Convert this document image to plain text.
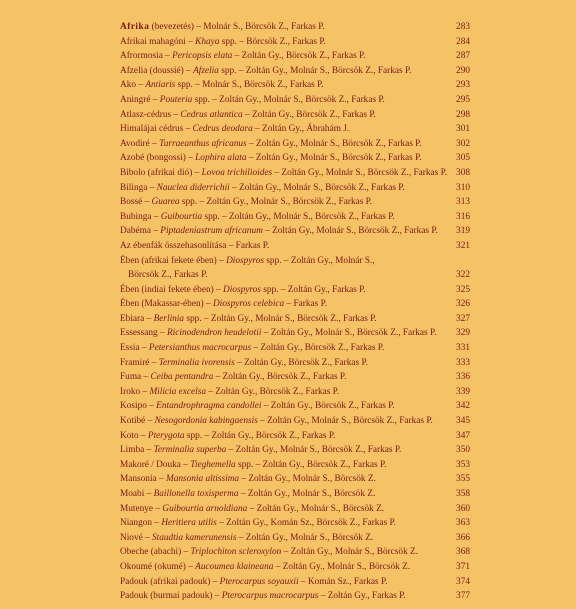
Afrika (bevezetés) – Molnár S., Börcsök Z., Farkas P.	283
Afrikai mahagóni – Khaya spp. – Börcsök Z., Farkas P.	284
Afrormosia – Pericopsis elata – Zoltán Gy., Börcsök Z., Farkas P.	287
Afzelia (doussié) – Afzelia spp. – Zoltán Gy., Molnár S., Börcsök Z., Farkas P.	290
Ako – Antiaris spp. – Molnár S., Börcsök Z., Farkas P.	293
Aningré – Pouteria spp. – Zoltán Gy., Molnár S., Börcsök Z., Farkas P.	295
Atlasz-cédrus – Cedrus atlantica – Zoltán Gy., Börcsök Z., Farkas P.	298
Himalájai cédrus – Cedrus deodara – Zoltán Gy., Ábrahám J.	301
Avodiré – Turraeanthus africanus – Zoltán Gy., Molnár S., Börcsök Z., Farkas P.	302
Azobé (bongossi) – Lophira alata – Zoltán Gy., Molnár S., Börcsök Z., Farkas P.	305
Bibolo (afrikai dió) – Lovoa trichilioides – Zoltán Gy., Molnár S., Börcsök Z., Farkas P. 308
Bilinga – Nauclea diderrichii – Zoltán Gy., Molnár S., Börcsök Z., Farkas P.	310
Bossé – Guarea spp. – Zoltán Gy., Molnár S., Börcsök Z., Farkas P.	313
Bubinga – Guibourtia spp. – Zoltán Gy., Molnár S., Börcsök Z., Farkas P.	316
Dabéma – Piptadeniastrum africanum – Zoltán Gy., Molnár S., Börcsök Z., Farkas P.	319
Az ébenfák összehasonlítása – Farkas P.	321
Ében (afrikai fekete ében) – Diospyros spp. – Zoltán Gy., Molnár S.,
Börcsök Z., Farkas P.	322
Ében (indiai fekete ében) – Diospyros spp. – Zoltán Gy., Farkas P.	325
Ében (Makassar-ében) – Diospyros celebica – Farkas P.	326
Ebiara – Berlinia spp. – Zoltán Gy., Molnár S., Börcsök Z., Farkas P.	327
Essessang – Ricinodendron heudelotii – Zoltán Gy., Molnár S., Börcsök Z., Farkas P.	329
Essia – Petersianthus macrocarpus – Zoltán Gy., Börcsök Z., Farkas P.	331
Framiré – Terminalia ivorensis – Zoltán Gy., Börcsök Z., Farkas P.	333
Fuma – Ceiba pentandra – Zoltán Gy., Börcsök Z., Farkas P.	336
Iroko – Milicia excelsa – Zoltán Gy., Börcsök Z., Farkas P.	339
Kosipo – Entandrophragma candollei – Zoltán Gy., Börcsök Z., Farkas P.	342
Kotibé – Nesogordonia kabingaensis – Zoltán Gy., Molnár S., Börcsök Z., Farkas P.	345
Koto – Pterygota spp. – Zoltán Gy., Börcsök Z., Farkas P.	347
Limba – Terminalia superba – Zoltán Gy., Molnár S., Börcsök Z., Farkas P.	350
Makoré / Douka – Tieghemella spp. – Zoltán Gy., Börcsök Z., Farkas P.	353
Mansonia – Mansonia altissima – Zoltán Gy., Molnár S., Börcsök Z.	355
Moabi – Baillonella toxisperma – Zoltán Gy., Molnár S., Börcsök Z.	358
Mutenye – Guibourtia arnoldiana – Zoltán Gy., Molnár S., Börcsök Z.	360
Niangon – Heritiera utilis – Zoltán Gy., Komán Sz., Börcsök Z., Farkas P.	363
Niové – Staudtia kamerunensis – Zoltán Gy., Molnár S., Börcsök Z.	366
Obeche (abachi) – Triplochiton scleroxylon – Zoltán Gy., Molnár S., Börcsök Z.	368
Okoumé (okumé) – Aucoumea klaineana – Zoltán Gy., Molnár S., Börcsök Z.	371
Padouk (afrikai padouk) – Pterocarpus soyauxii – Komán Sz., Farkas P.	374
Padouk (burmai padouk) – Pterocarpus macrocarpus – Zoltán Gy., Farkas P.	377
